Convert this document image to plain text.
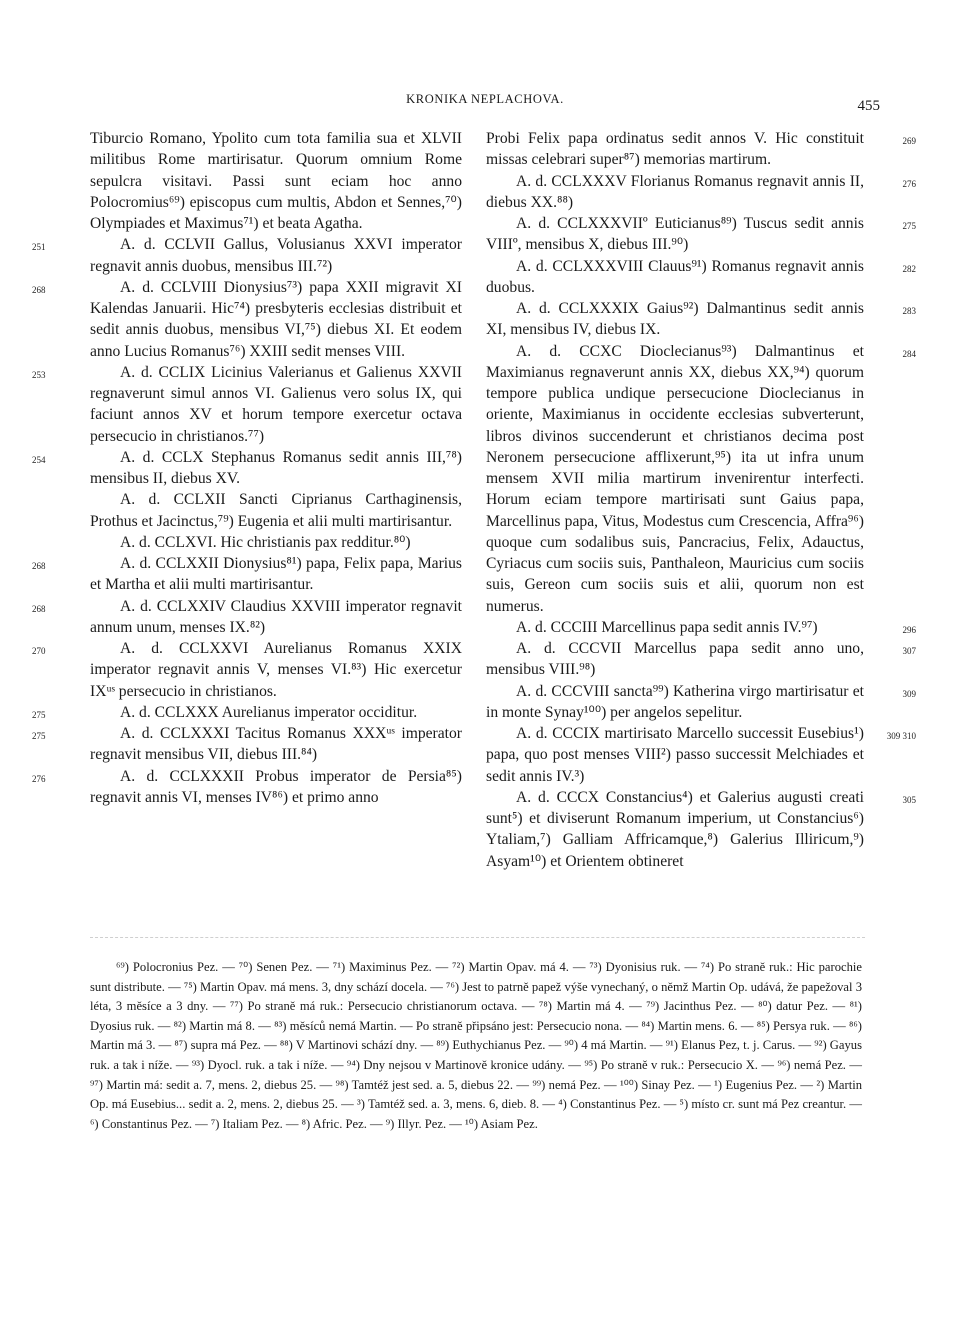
KRONIKA NEPLACHOVA.	455

Tiburcio Romano, Ypolito cum tota familia sua et XLVII militibus Rome martirisatur. Quorum omnium Rome sepulcra visitavi. Passi sunt eciam hoc anno Polocromius⁶⁹) episcopus cum multis, Abdon et Sennes,⁷⁰) Olympiades et Maximus⁷¹) et beata Agatha.

251	A. d. CCLVII Gallus, Volusianus XXVI imperator regnavit annis duobus, mensibus III.⁷²)

268	A. d. CCLVIII Dionysius⁷³) papa XXII migravit XI Kalendas Januarii. Hic⁷⁴) presbyteris ecclesias distribuit et sedit annis duobus, mensibus VI,⁷⁵) diebus XI. Et eodem anno Lucius Romanus⁷⁶) XXIII sedit menses VIII.

253	A. d. CCLIX Licinius Valerianus et Galienus XXVII regnaverunt simul annos VI. Galienus vero solus IX, qui faciunt annos XV et horum tempore exercetur octava persecucio in christianos.⁷⁷)

254	A. d. CCLX Stephanus Romanus sedit annis III,⁷⁸) mensibus II, diebus XV.

A. d. CCLXII Sancti Ciprianus Carthaginensis, Prothus et Jacinctus,⁷⁹) Eugenia et alii multi martirisantur.

A. d. CCLXVI. Hic christianis pax redditur.⁸⁰)

268	A. d. CCLXXII Dionysius⁸¹) papa, Felix papa, Marius et Martha et alii multi martirisantur.

268	A. d. CCLXXIV Claudius XXVIII imperator regnavit annum unum, menses IX.⁸²)

270	A. d. CCLXXVI Aurelianus Romanus XXIX imperator regnavit annis V, menses VI.⁸³) Hic exercetur IXᵘˢ persecucio in christianos.

275	A. d. CCLXXX Aurelianus imperator occiditur.

275	A. d. CCLXXXI Tacitus Romanus XXXᵘˢ imperator regnavit mensibus VII, diebus III.⁸⁴)

276	A. d. CCLXXXII Probus imperator de Persia⁸⁵) regnavit annis VI, menses IV⁸⁶) et primo anno

269
Probi Felix papa ordinatus sedit annos V. Hic constituit missas celebrari super⁸⁷) memorias martirum.

276
A. d. CCLXXXV Florianus Romanus regnavit annis II, diebus XX.⁸⁸)

275
A. d. CCLXXXVIIº Euticianus⁸⁹) Tuscus sedit annis VIIIº, mensibus X, diebus III.⁹⁰)

282
A. d. CCLXXXVIII Clauus⁹¹) Romanus regnavit annis duobus.

283
A. d. CCLXXXIX Gaius⁹²) Dalmantinus sedit annis XI, mensibus IV, diebus IX.

284
A. d. CCXC Dioclecianus⁹³) Dalmantinus et Maximianus regnaverunt annis XX, diebus XX,⁹⁴) quorum tempore publica undique persecucione Dioclecianus in oriente, Maximianus in occidente ecclesias subverterunt, libros divinos succenderunt et christianos decima post Neronem persecucione afflixerunt,⁹⁵) ita ut infra unum mensem XVII milia martirum invenirentur interfecti. Horum eciam tempore martirisati sunt Gaius papa, Marcellinus papa, Vitus, Modestus cum Crescencia, Affra⁹⁶) quoque cum sodalibus suis, Pancracius, Felix, Adauctus, Cyriacus cum sociis suis, Panthaleon, Mauricius cum sociis suis, Gereon cum sociis suis et alii, quorum non est numerus.

296
A. d. CCCIII Marcellinus papa sedit annis IV.⁹⁷)

307
A. d. CCCVII Marcellus papa sedit anno uno, mensibus VIII.⁹⁸)

309
A. d. CCCVIII sancta⁹⁹) Katherina virgo martirisatur et in monte Synay¹⁰⁰) per angelos sepelitur.

309 310
A. d. CCCIX martirisato Marcello successit Eusebius¹) papa, quo post menses VIII²) passo successit Melchiades et sedit annis IV.³)

305
A. d. CCCX Constancius⁴) et Galerius augusti creati sunt⁵) et diviserunt Romanum imperium, ut Constancius⁶) Ytaliam,⁷) Galliam Affricamque,⁸) Galerius Illiricum,⁹) Asyam¹⁰) et Orientem obtineret

⁶⁹) Polocronius Pez. — ⁷⁰) Senen Pez. — ⁷¹) Maximinus Pez. — ⁷²) Martin Opav. má 4. — ⁷³) Dyonisius ruk. — ⁷⁴) Po straně ruk.: Hic parochie sunt distribute. — ⁷⁵) Martin Opav. má mens. 3, dny schází docela. — ⁷⁶) Jest to patrně papež výše vynechaný, o němž Martin Op. udává, že papežoval 3 léta, 3 měsíce a 3 dny. — ⁷⁷) Po straně má ruk.: Persecucio christianorum octava. — ⁷⁸) Martin má 4. — ⁷⁹) Jacinthus Pez. — ⁸⁰) datur Pez. — ⁸¹) Dyosius ruk. — ⁸²) Martin má 8. — ⁸³) měsíců nemá Martin. — Po straně připsáno jest: Persecucio nona. — ⁸⁴) Martin mens. 6. — ⁸⁵) Persya ruk. — ⁸⁶) Martin má 3. — ⁸⁷) supra má Pez. — ⁸⁸) V Martinovi schází dny. — ⁸⁹) Euthychianus Pez. — ⁹⁰) 4 má Martin. — ⁹¹) Elanus Pez, t. j. Carus. — ⁹²) Gayus ruk. a tak i níže. — ⁹³) Dyocl. ruk. a tak i níže. — ⁹⁴) Dny nejsou v Martinově kronice udány. — ⁹⁵) Po straně v ruk.: Persecucio X. — ⁹⁶) nemá Pez. — ⁹⁷) Martin má: sedit a. 7, mens. 2, diebus 25. — ⁹⁸) Tamtéž jest sed. a. 5, diebus 22. — ⁹⁹) nemá Pez. — ¹⁰⁰) Sinay Pez. — ¹) Eugenius Pez. — ²) Martin Op. má Eusebius... sedit a. 2, mens. 2, diebus 25. — ³) Tamtéž sed. a. 3, mens. 6, dieb. 8. — ⁴) Constantinus Pez. — ⁵) místo cr. sunt má Pez creantur. — ⁶) Constantinus Pez. — ⁷) Italiam Pez. — ⁸) Afric. Pez. — ⁹) Illyr. Pez. — ¹⁰) Asiam Pez.
